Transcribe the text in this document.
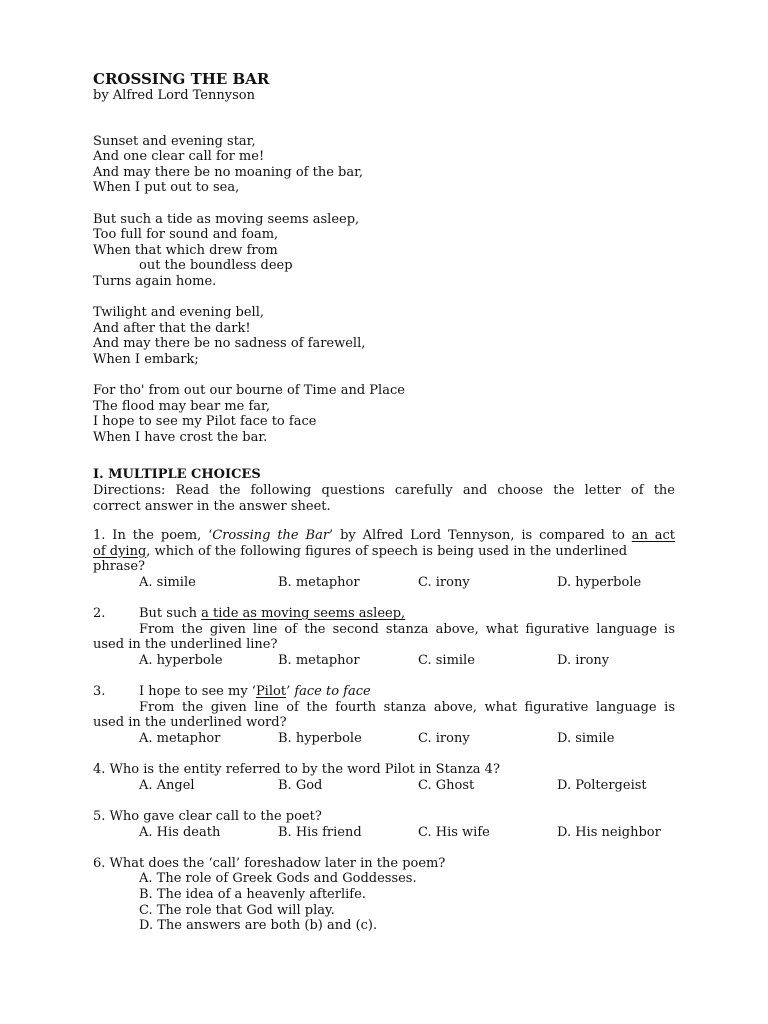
CROSSING THE BAR
by Alfred Lord Tennyson
Sunset and evening star,
And one clear call for me!
And may there be no moaning of the bar,
When I put out to sea,
But such a tide as moving seems asleep,
Too full for sound and foam,
When that which drew from
out the boundless deep
Turns again home.
Twilight and evening bell,
And after that the dark!
And may there be no sadness of farewell,
When I embark;
For tho' from out our bourne of Time and Place
The flood may bear me far,
I hope to see my Pilot face to face
When I have crost the bar.
I. MULTIPLE CHOICES
Directions: Read the following questions carefully and choose the letter of the
correct answer in the answer sheet.
1. In the poem, ‘Crossing the Bar’ by Alfred Lord Tennyson, is compared to an act
of dying, which of the following figures of speech is being used in the underlined
phrase?
A. simile	B. metaphor	C. irony	D. hyperbole
2.	But such a tide as moving seems asleep,
From the given line of the second stanza above, what figurative language is
used in the underlined line?
A. hyperbole	B. metaphor	C. simile	D. irony
3.	I hope to see my ‘Pilot’ face to face
From the given line of the fourth stanza above, what figurative language is
used in the underlined word?
A. metaphor	B. hyperbole	C. irony	D. simile
4. Who is the entity referred to by the word Pilot in Stanza 4?
A. Angel	B. God	C. Ghost	D. Poltergeist
5. Who gave clear call to the poet?
A. His death	B. His friend	C. His wife	D. His neighbor
6. What does the ‘call’ foreshadow later in the poem?
A. The role of Greek Gods and Goddesses.
B. The idea of a heavenly afterlife.
C. The role that God will play.
D. The answers are both (b) and (c).
